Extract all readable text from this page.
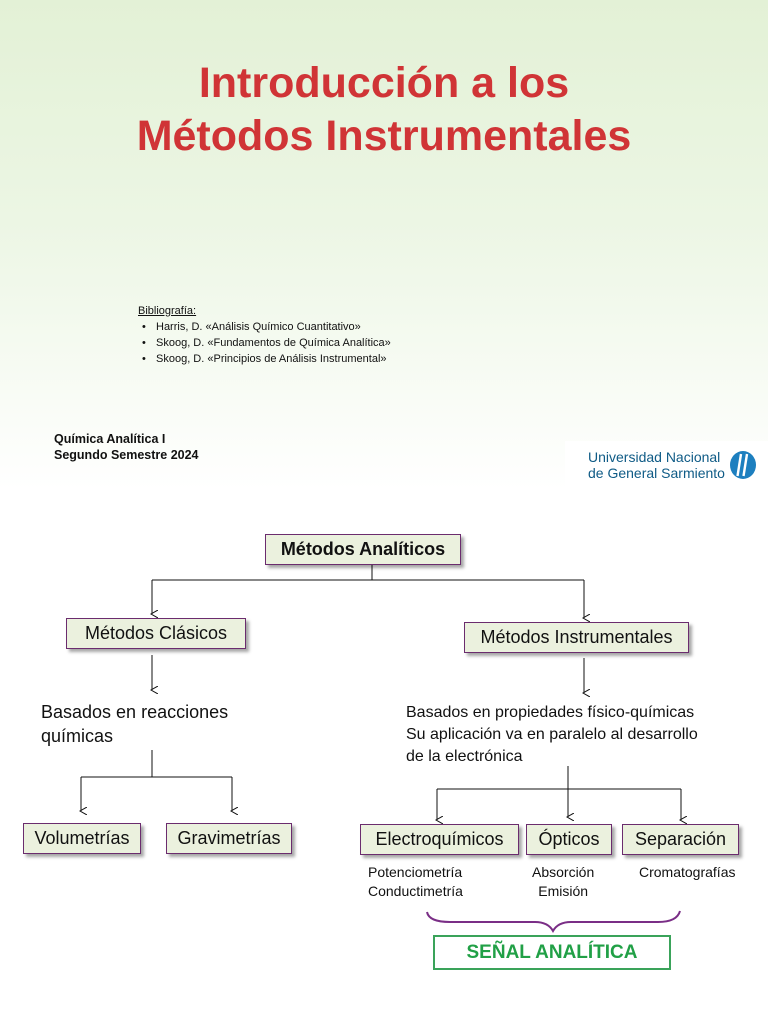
Introducción a los
Métodos Instrumentales
Bibliografía:
• Harris, D. «Análisis Químico Cuantitativo»
• Skoog, D. «Fundamentos de Química Analítica»
• Skoog, D. «Principios de Análisis Instrumental»
Química Analítica I
Segundo Semestre 2024	Universidad Nacional
de General Sarmiento
Métodos Analíticos
Métodos Clásicos	Métodos Instrumentales
Basados en reacciones
químicas
Basados en propiedades físico-químicas
Su aplicación va en paralelo al desarrollo
de la electrónica
Volumetrías	Gravimetrías	Electroquímicos	Ópticos	Separación
Potenciometría
Conductimetría
Absorción
Emisión
Cromatografías
SEÑAL ANALÍTICA
